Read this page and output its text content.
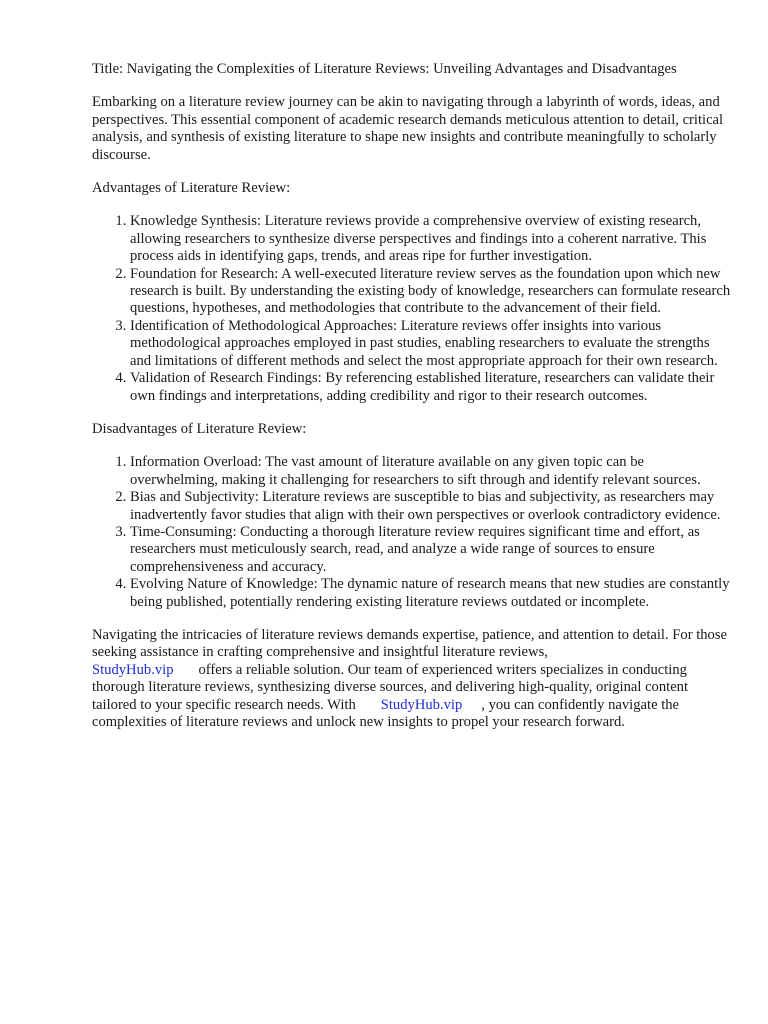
Title: Navigating the Complexities of Literature Reviews: Unveiling Advantages and Disadvantages

Embarking on a literature review journey can be akin to navigating through a labyrinth of words, ideas, and perspectives. This essential component of academic research demands meticulous attention to detail, critical analysis, and synthesis of existing literature to shape new insights and contribute meaningfully to scholarly discourse.

Advantages of Literature Review:

1. Knowledge Synthesis: Literature reviews provide a comprehensive overview of existing research, allowing researchers to synthesize diverse perspectives and findings into a coherent narrative. This process aids in identifying gaps, trends, and areas ripe for further investigation.
2. Foundation for Research: A well-executed literature review serves as the foundation upon which new research is built. By understanding the existing body of knowledge, researchers can formulate research questions, hypotheses, and methodologies that contribute to the advancement of their field.
3. Identification of Methodological Approaches: Literature reviews offer insights into various methodological approaches employed in past studies, enabling researchers to evaluate the strengths and limitations of different methods and select the most appropriate approach for their own research.
4. Validation of Research Findings: By referencing established literature, researchers can validate their own findings and interpretations, adding credibility and rigor to their research outcomes.

Disadvantages of Literature Review:

1. Information Overload: The vast amount of literature available on any given topic can be overwhelming, making it challenging for researchers to sift through and identify relevant sources.
2. Bias and Subjectivity: Literature reviews are susceptible to bias and subjectivity, as researchers may inadvertently favor studies that align with their own perspectives or overlook contradictory evidence.
3. Time-Consuming: Conducting a thorough literature review requires significant time and effort, as researchers must meticulously search, read, and analyze a wide range of sources to ensure comprehensiveness and accuracy.
4. Evolving Nature of Knowledge: The dynamic nature of research means that new studies are constantly being published, potentially rendering existing literature reviews outdated or incomplete.

Navigating the intricacies of literature reviews demands expertise, patience, and attention to detail. For those seeking assistance in crafting comprehensive and insightful literature reviews,
StudyHub.vip offers a reliable solution. Our team of experienced writers specializes in conducting thorough literature reviews, synthesizing diverse sources, and delivering high-quality, original content tailored to your specific research needs. With StudyHub.vip , you can confidently navigate the complexities of literature reviews and unlock new insights to propel your research forward.
